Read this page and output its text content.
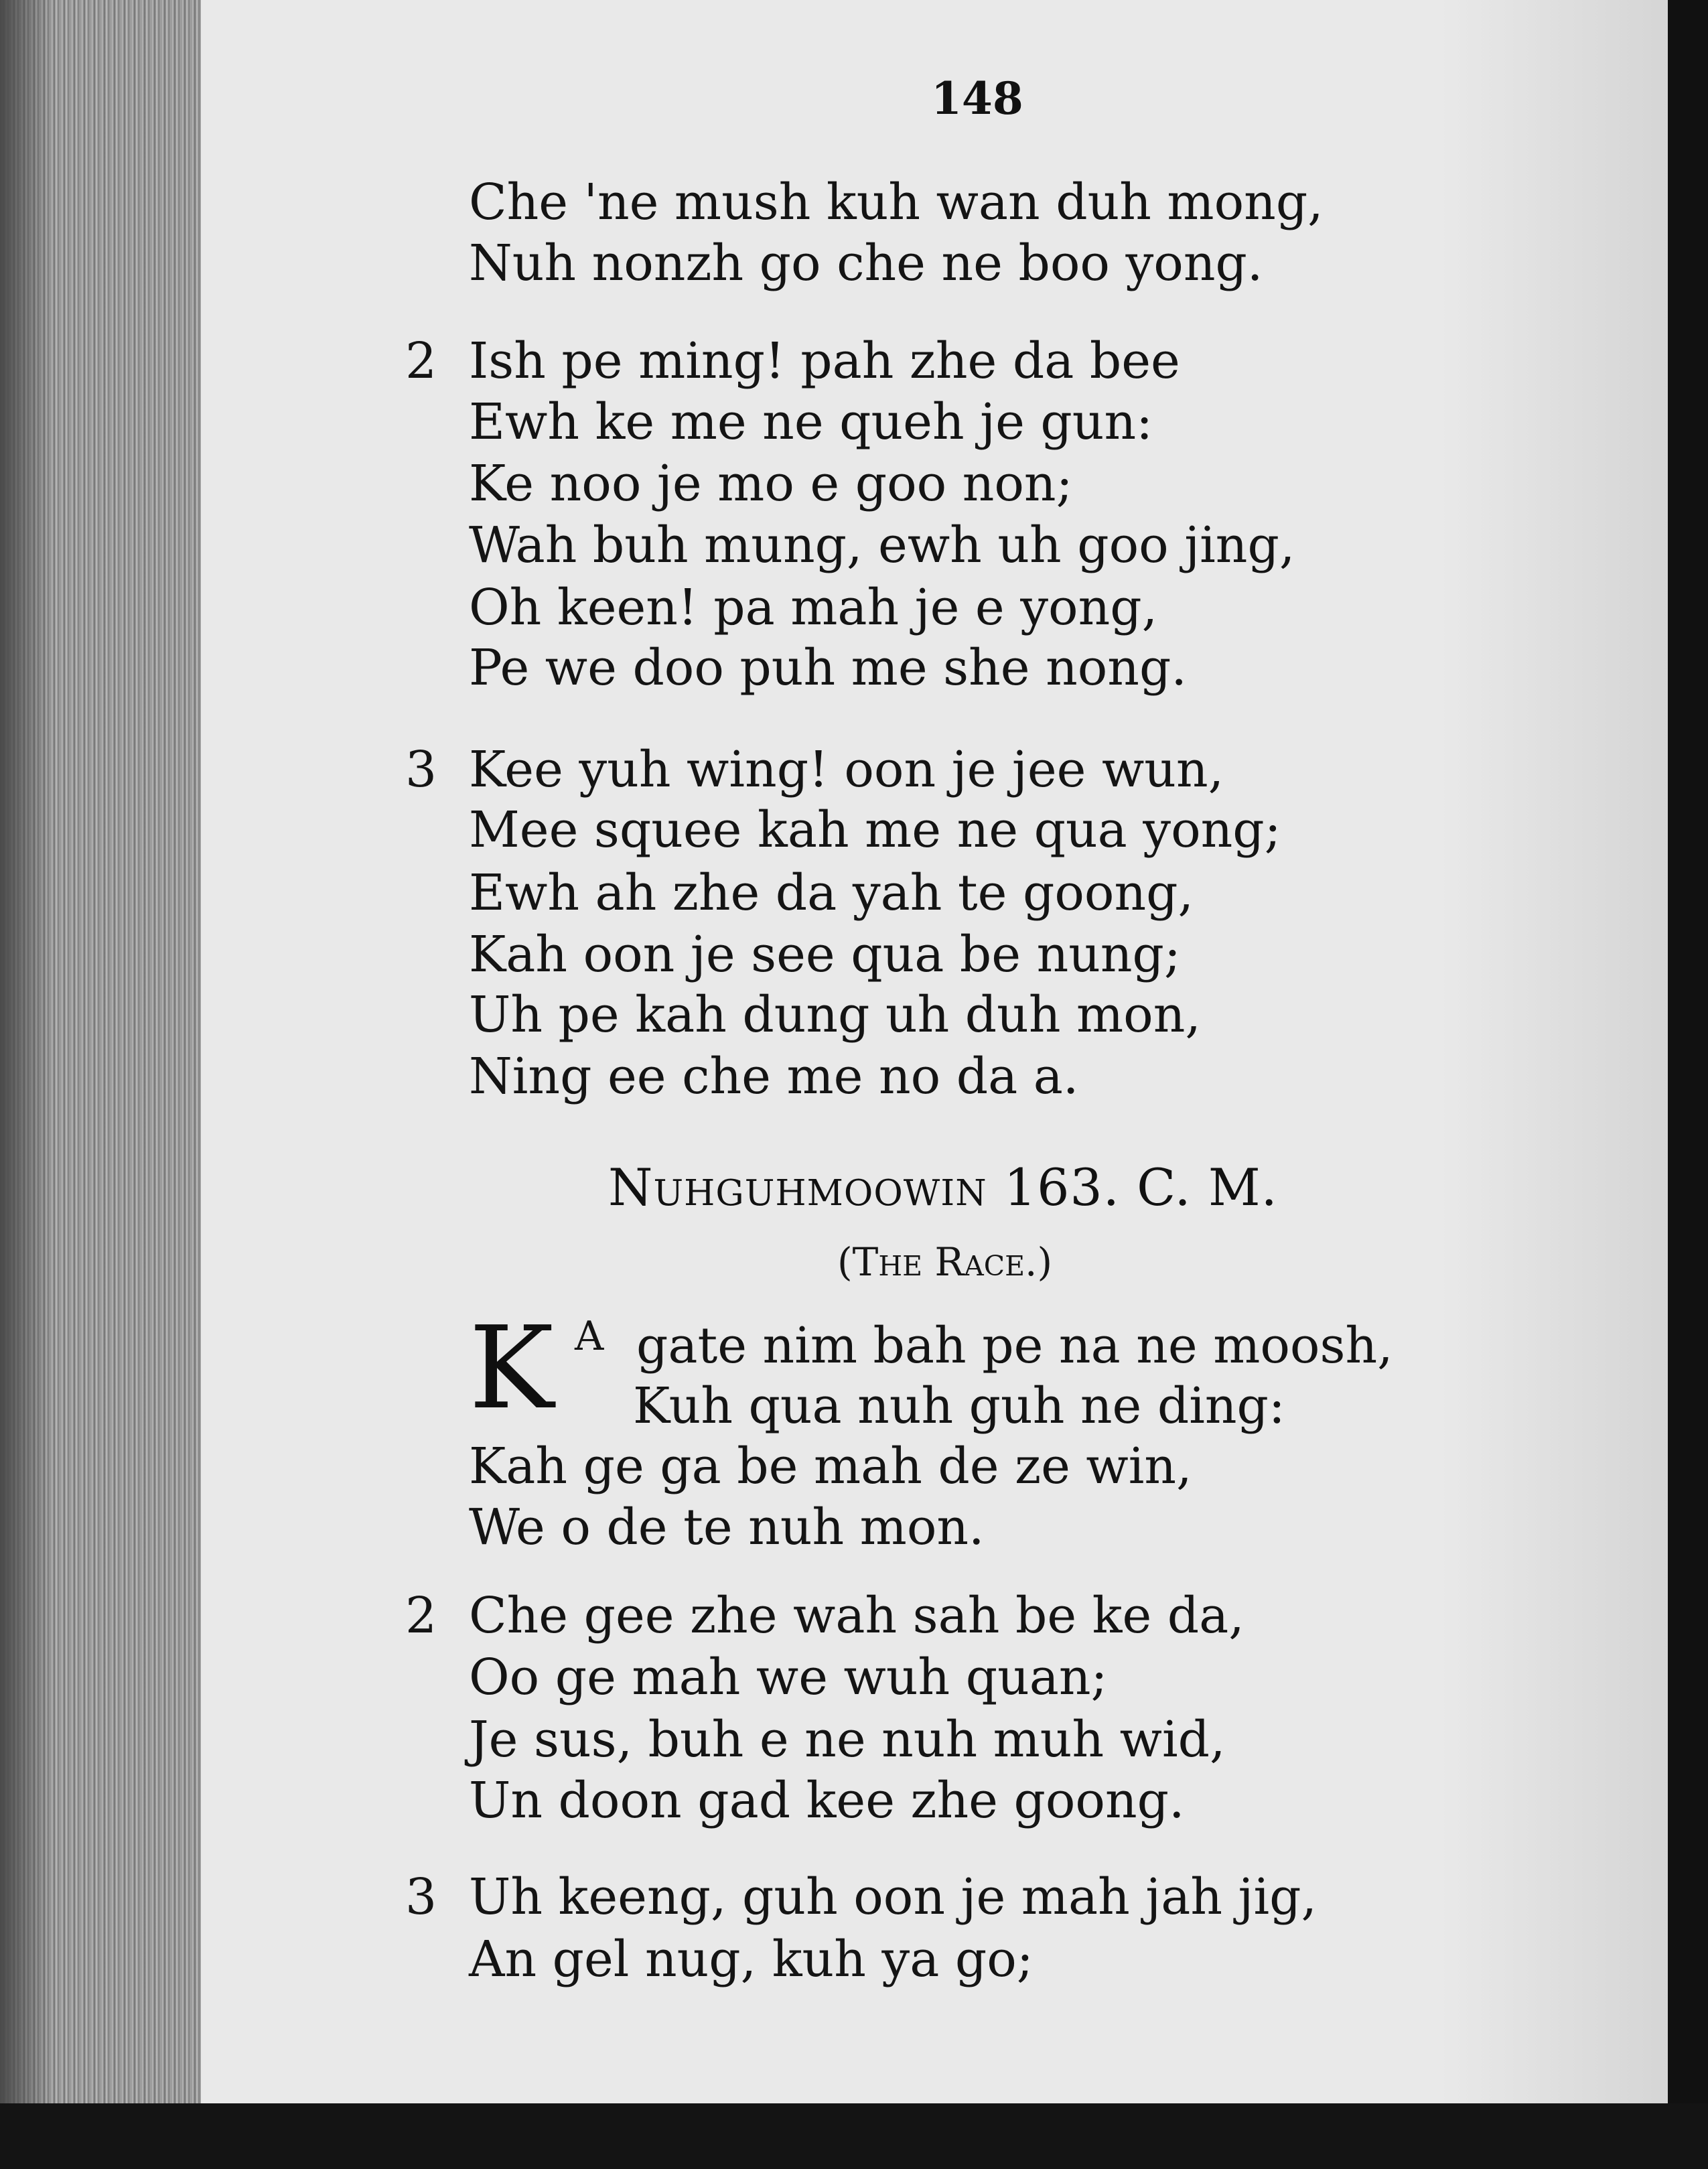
148
Che 'ne mush kuh wan duh mong,
Nuh nonzh go che ne boo yong.
2 Ish pe ming! pah zhe da bee
Ewh ke me ne queh je gun:
Ke noo je mo e goo non;
Wah buh mung, ewh uh goo jing,
Oh keen! pa mah je e yong,
Pe we doo puh me she nong.
3 Kee yuh wing! oon je jee wun,
Mee squee kah me ne qua yong;
Ewh ah zhe da yah te goong,
Kah oon je see qua be nung;
Uh pe kah dung uh duh mon,
Ning ee che me no da a.
Nuhguhmoowin 163. C. M.
(The Race.)
K A gate nim bah pe na ne moosh,
Kuh qua nuh guh ne ding:
Kah ge ga be mah de ze win,
We o de te nuh mon.
2 Che gee zhe wah sah be ke da,
Oo ge mah we wuh quan;
Je sus, buh e ne nuh muh wid,
Un doon gad kee zhe goong.
3 Uh keeng, guh oon je mah jah jig,
An gel nug, kuh ya go;
